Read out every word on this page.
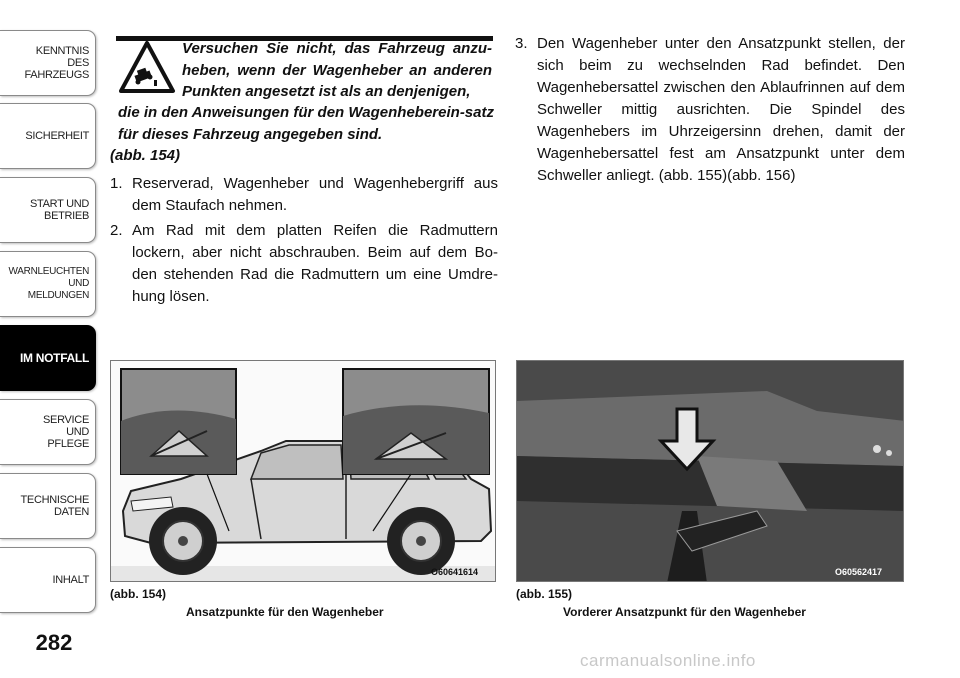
KENNTNIS
DES
FAHRZEUGS
SICHERHEIT
START UND
BETRIEB
WARNLEUCHTEN
UND
MELDUNGEN
IM NOTFALL
SERVICE
UND
PFLEGE
TECHNISCHE
DATEN
INHALT
282
Versuchen Sie nicht, das Fahrzeug anzu-heben, wenn der Wagenheber an anderen Punkten angesetzt ist als an denjenigen,
die in den Anweisungen für den Wagenheberein-satz für dieses Fahrzeug angegeben sind.
(abb. 154)
1. Reserverad, Wagenheber und Wagenhebergriff aus dem Staufach nehmen.
2. Am Rad mit dem platten Reifen die Radmuttern lockern, aber nicht abschrauben. Beim auf dem Bo-den stehenden Rad die Radmuttern um eine Umdre-hung lösen.
3. Den Wagenheber unter den Ansatzpunkt stellen, der sich beim zu wechselnden Rad befindet. Den Wagenhebersattel zwischen den Ablaufrinnen auf dem Schweller mittig ausrichten. Die Spindel des Wagenhebers im Uhrzeigersinn drehen, damit der Wagenhebersattel fest am Ansatzpunkt unter dem Schweller anliegt. (abb. 155)(abb. 156)
O60641614	O60562417
(abb. 154)
Ansatzpunkte für den Wagenheber
(abb. 155)
Vorderer Ansatzpunkt für den Wagenheber
carmanualsonline.info
